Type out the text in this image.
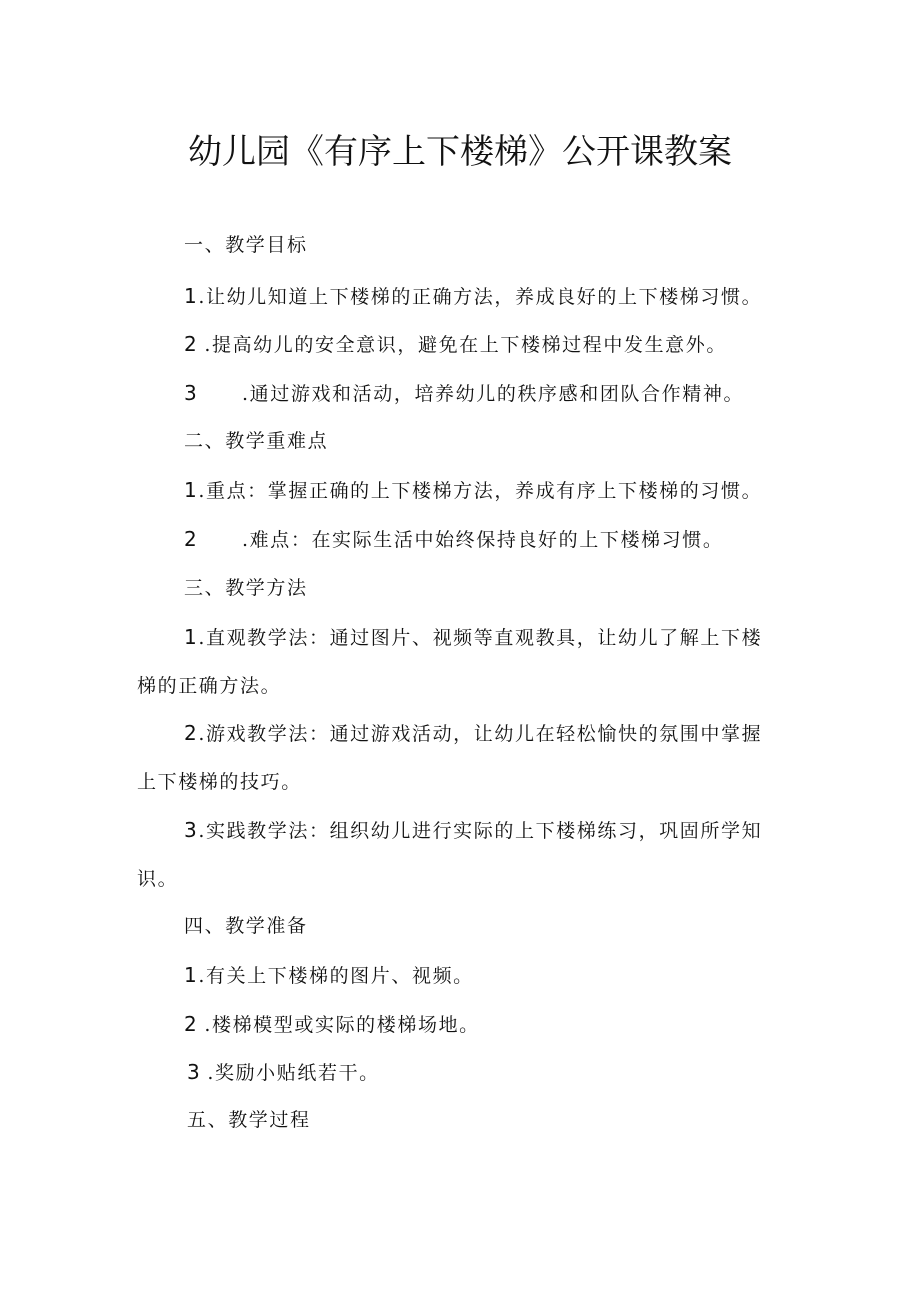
幼儿园《有序上下楼梯》公开课教案
一、教学目标
1.让幼儿知道上下楼梯的正确方法，养成良好的上下楼梯习惯。
2 .提高幼儿的安全意识，避免在上下楼梯过程中发生意外。
3 .通过游戏和活动，培养幼儿的秩序感和团队合作精神。
二、教学重难点
1.重点：掌握正确的上下楼梯方法，养成有序上下楼梯的习惯。
2 .难点：在实际生活中始终保持良好的上下楼梯习惯。
三、教学方法
1.直观教学法：通过图片、视频等直观教具，让幼儿了解上下楼
梯的正确方法。
2.游戏教学法：通过游戏活动，让幼儿在轻松愉快的氛围中掌握
上下楼梯的技巧。
3.实践教学法：组织幼儿进行实际的上下楼梯练习，巩固所学知
识。
四、教学准备
1.有关上下楼梯的图片、视频。
2 .楼梯模型或实际的楼梯场地。
3 .奖励小贴纸若干。
五、教学过程
